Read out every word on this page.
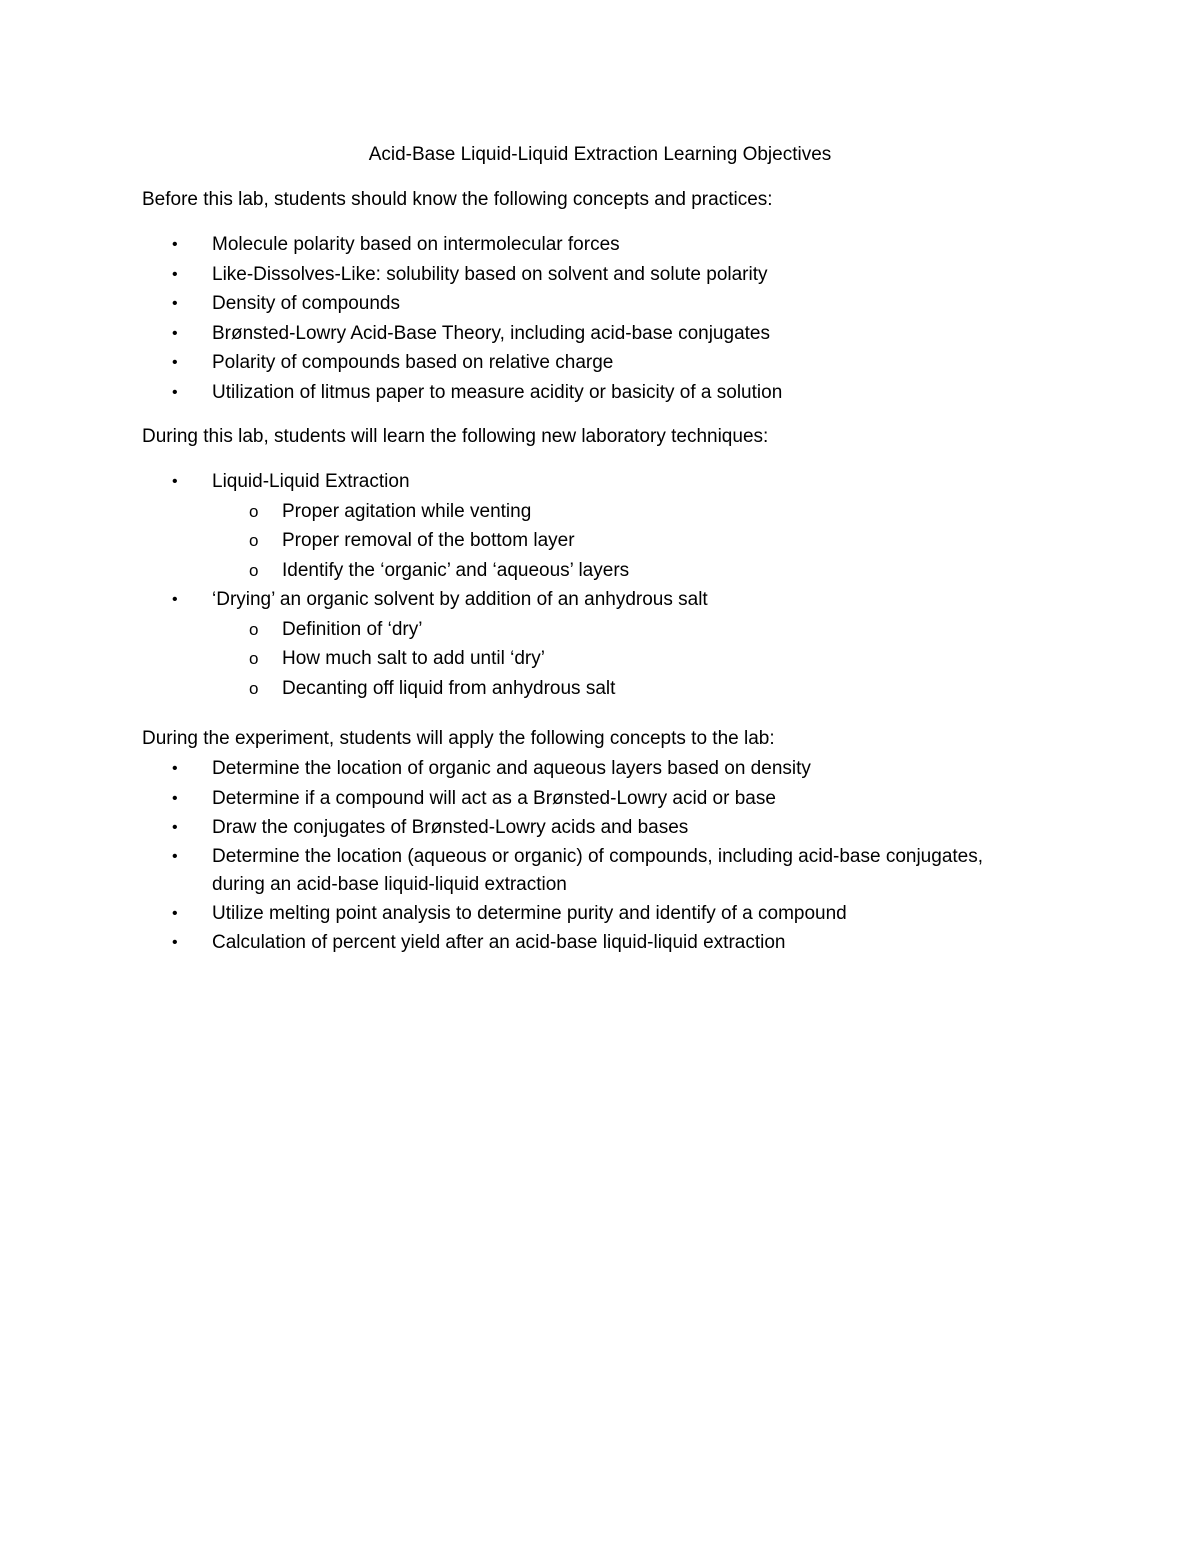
Acid-Base Liquid-Liquid Extraction Learning Objectives
Before this lab, students should know the following concepts and practices:
• Molecule polarity based on intermolecular forces
• Like-Dissolves-Like: solubility based on solvent and solute polarity
• Density of compounds
• Brønsted-Lowry Acid-Base Theory, including acid-base conjugates
• Polarity of compounds based on relative charge
• Utilization of litmus paper to measure acidity or basicity of a solution
During this lab, students will learn the following new laboratory techniques:
• Liquid-Liquid Extraction
o Proper agitation while venting
o Proper removal of the bottom layer
o Identify the ‘organic’ and ‘aqueous’ layers
• ‘Drying’ an organic solvent by addition of an anhydrous salt
o Definition of ‘dry’
o How much salt to add until ‘dry’
o Decanting off liquid from anhydrous salt
During the experiment, students will apply the following concepts to the lab:
• Determine the location of organic and aqueous layers based on density
• Determine if a compound will act as a Brønsted-Lowry acid or base
• Draw the conjugates of Brønsted-Lowry acids and bases
• Determine the location (aqueous or organic) of compounds, including acid-base conjugates, during an acid-base liquid-liquid extraction
• Utilize melting point analysis to determine purity and identify of a compound
• Calculation of percent yield after an acid-base liquid-liquid extraction
